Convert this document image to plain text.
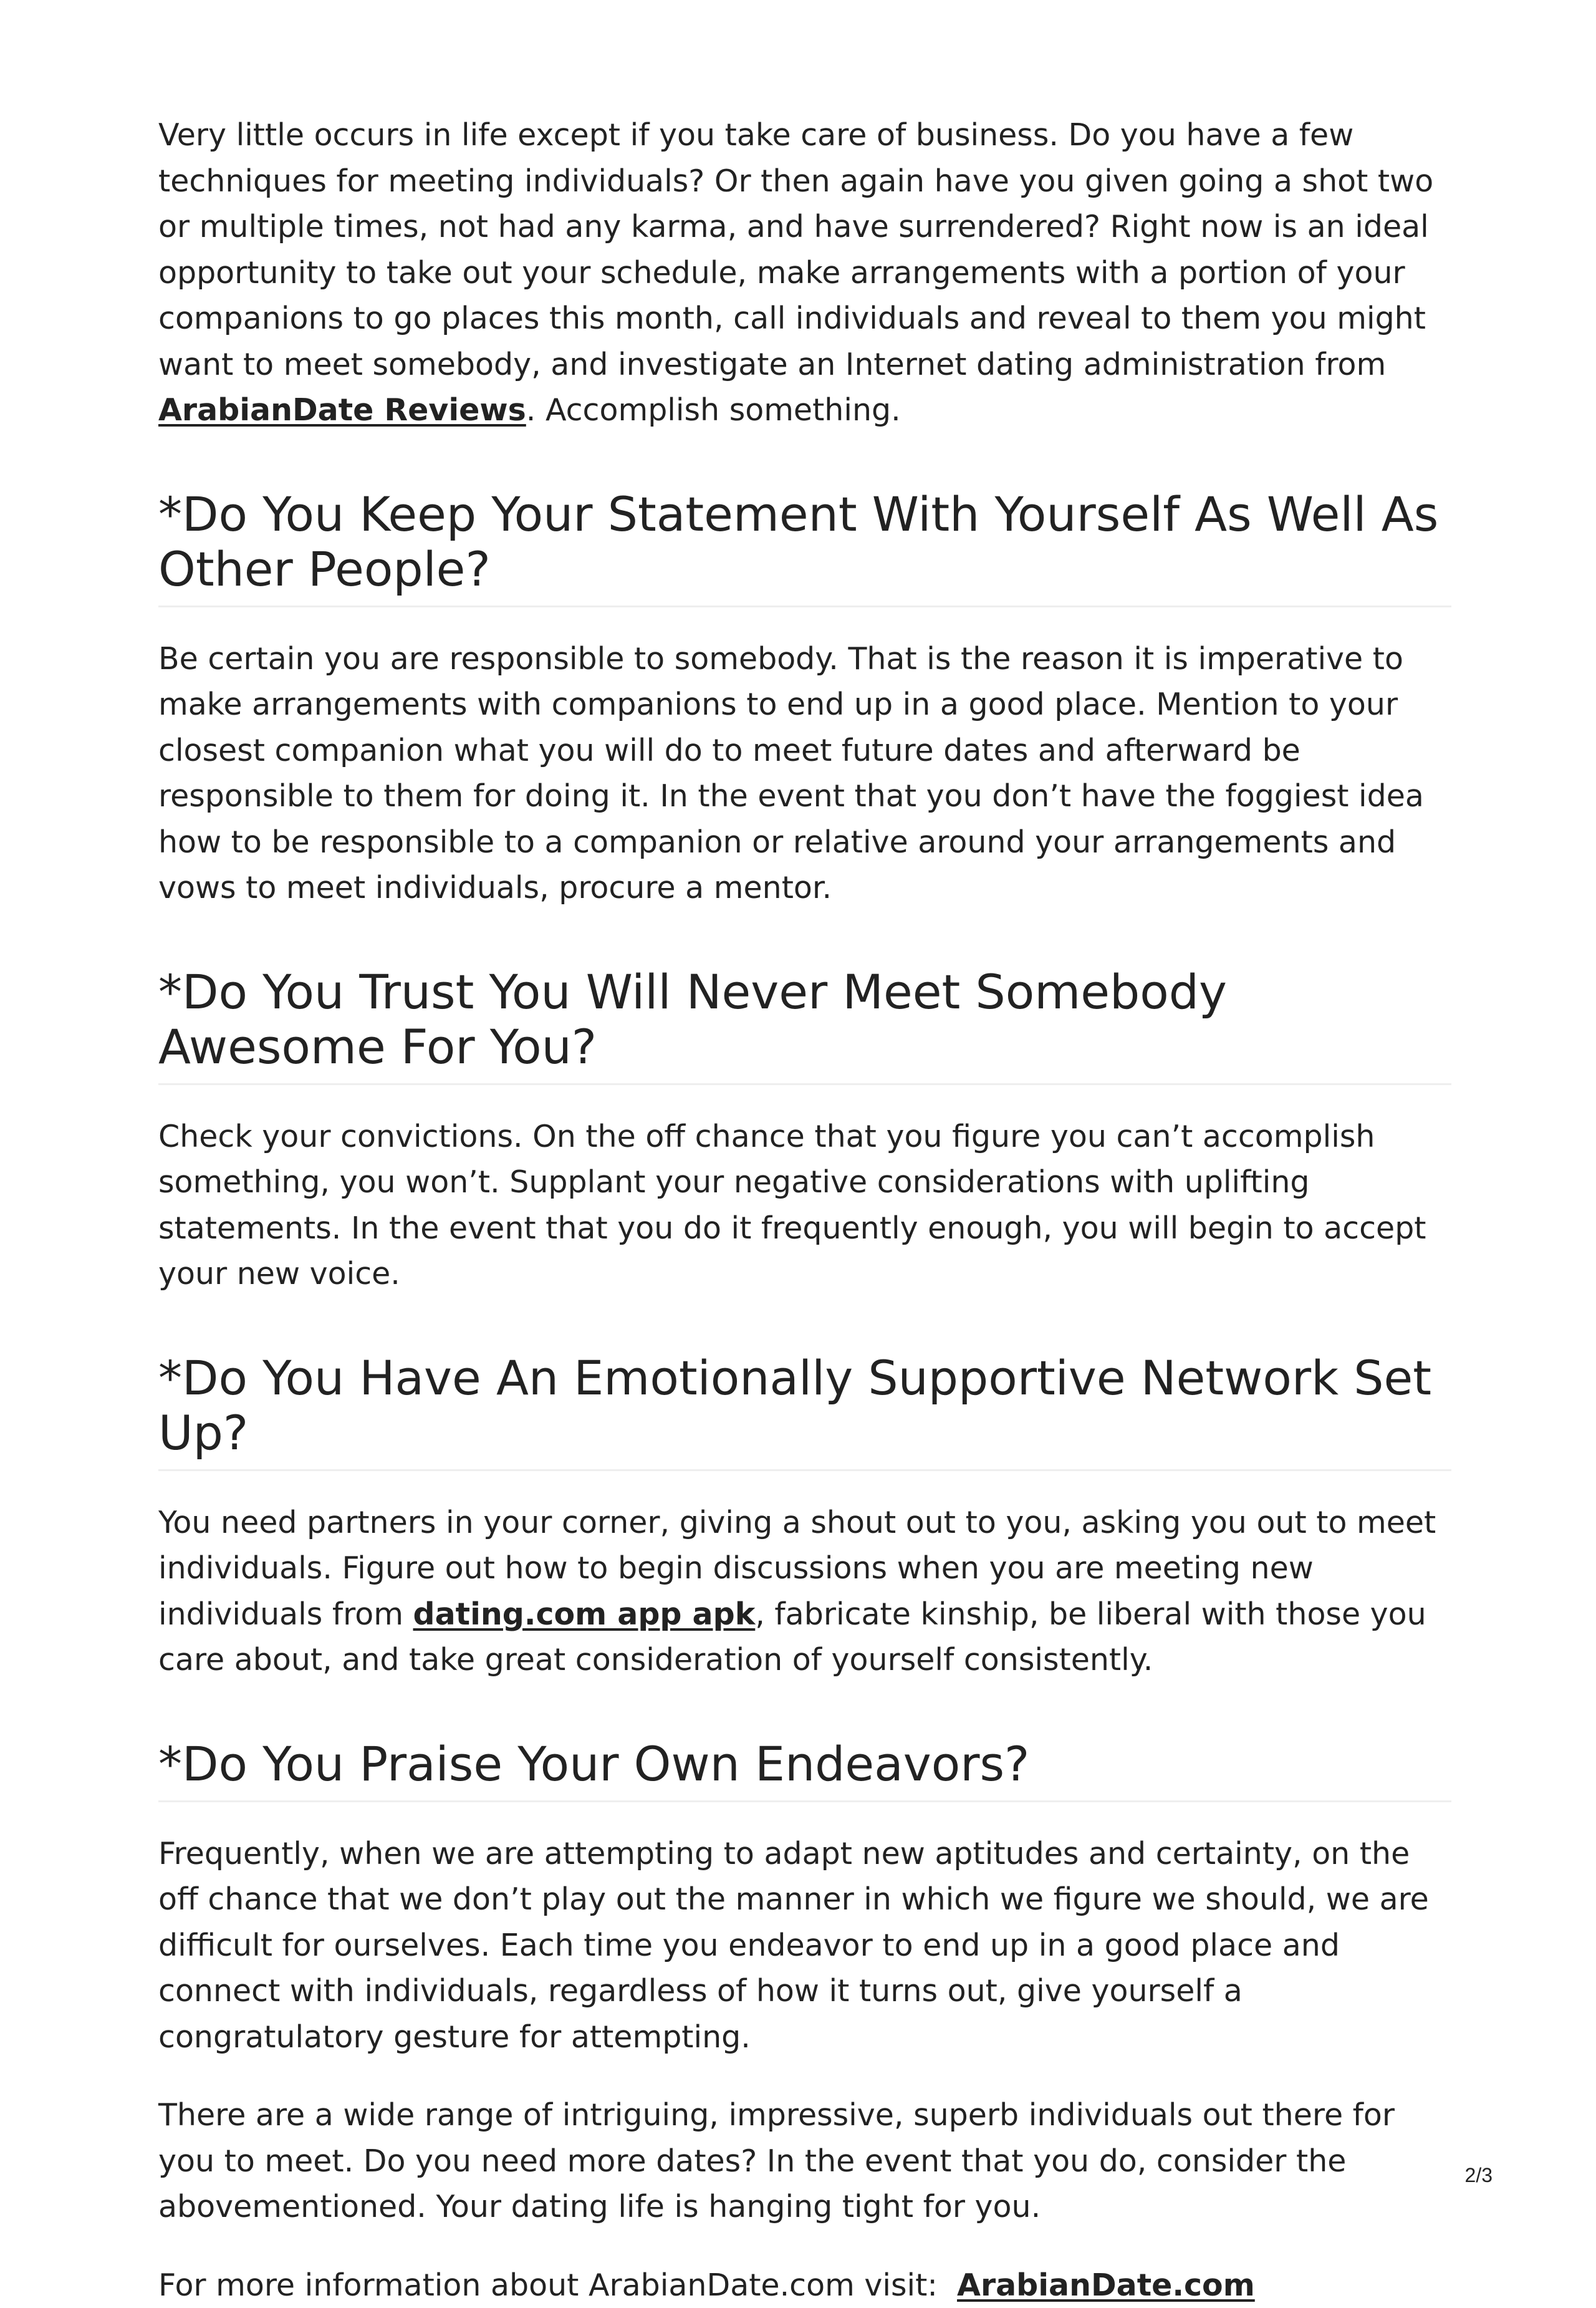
Very little occurs in life except if you take care of business. Do you have a few techniques for meeting individuals? Or then again have you given going a shot two or multiple times, not had any karma, and have surrendered? Right now is an ideal opportunity to take out your schedule, make arrangements with a portion of your companions to go places this month, call individuals and reveal to them you might want to meet somebody, and investigate an Internet dating administration from ArabianDate Reviews. Accomplish something.

*Do You Keep Your Statement With Yourself As Well As Other People?

Be certain you are responsible to somebody. That is the reason it is imperative to make arrangements with companions to end up in a good place. Mention to your closest companion what you will do to meet future dates and afterward be responsible to them for doing it. In the event that you don’t have the foggiest idea how to be responsible to a companion or relative around your arrangements and vows to meet individuals, procure a mentor.

*Do You Trust You Will Never Meet Somebody Awesome For You?

Check your convictions. On the off chance that you figure you can’t accomplish something, you won’t. Supplant your negative considerations with uplifting statements. In the event that you do it frequently enough, you will begin to accept your new voice.

*Do You Have An Emotionally Supportive Network Set Up?

You need partners in your corner, giving a shout out to you, asking you out to meet individuals. Figure out how to begin discussions when you are meeting new individuals from dating.com app apk, fabricate kinship, be liberal with those you care about, and take great consideration of yourself consistently.

*Do You Praise Your Own Endeavors?

Frequently, when we are attempting to adapt new aptitudes and certainty, on the off chance that we don’t play out the manner in which we figure we should, we are difficult for ourselves. Each time you endeavor to end up in a good place and connect with individuals, regardless of how it turns out, give yourself a congratulatory gesture for attempting.

There are a wide range of intriguing, impressive, superb individuals out there for you to meet. Do you need more dates? In the event that you do, consider the abovementioned. Your dating life is hanging tight for you.

For more information about ArabianDate.com visit:  ArabianDate.com

2/3
